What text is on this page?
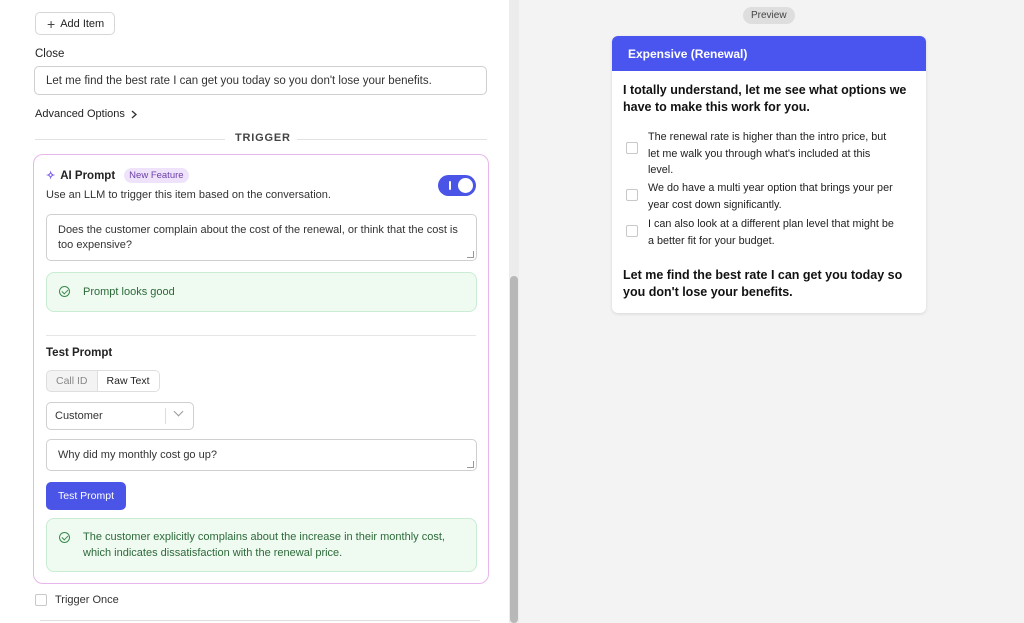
+ Add Item
Close
Let me find the best rate I can get you today so you don't lose your benefits.
Advanced Options
TRIGGER
✧ AI Prompt	New Feature
Use an LLM to trigger this item based on the conversation.
Does the customer complain about the cost of the renewal, or think that the cost is too expensive?
Prompt looks good
Test Prompt
Call ID	Raw Text
Customer
Why did my monthly cost go up?
Test Prompt
The customer explicitly complains about the increase in their monthly cost, which indicates dissatisfaction with the renewal price.
Trigger Once
Preview
Expensive (Renewal)
I totally understand, let me see what options we have to make this work for you.
The renewal rate is higher than the intro price, but let me walk you through what's included at this level.
We do have a multi year option that brings your per year cost down significantly.
I can also look at a different plan level that might be a better fit for your budget.
Let me find the best rate I can get you today so you don't lose your benefits.
